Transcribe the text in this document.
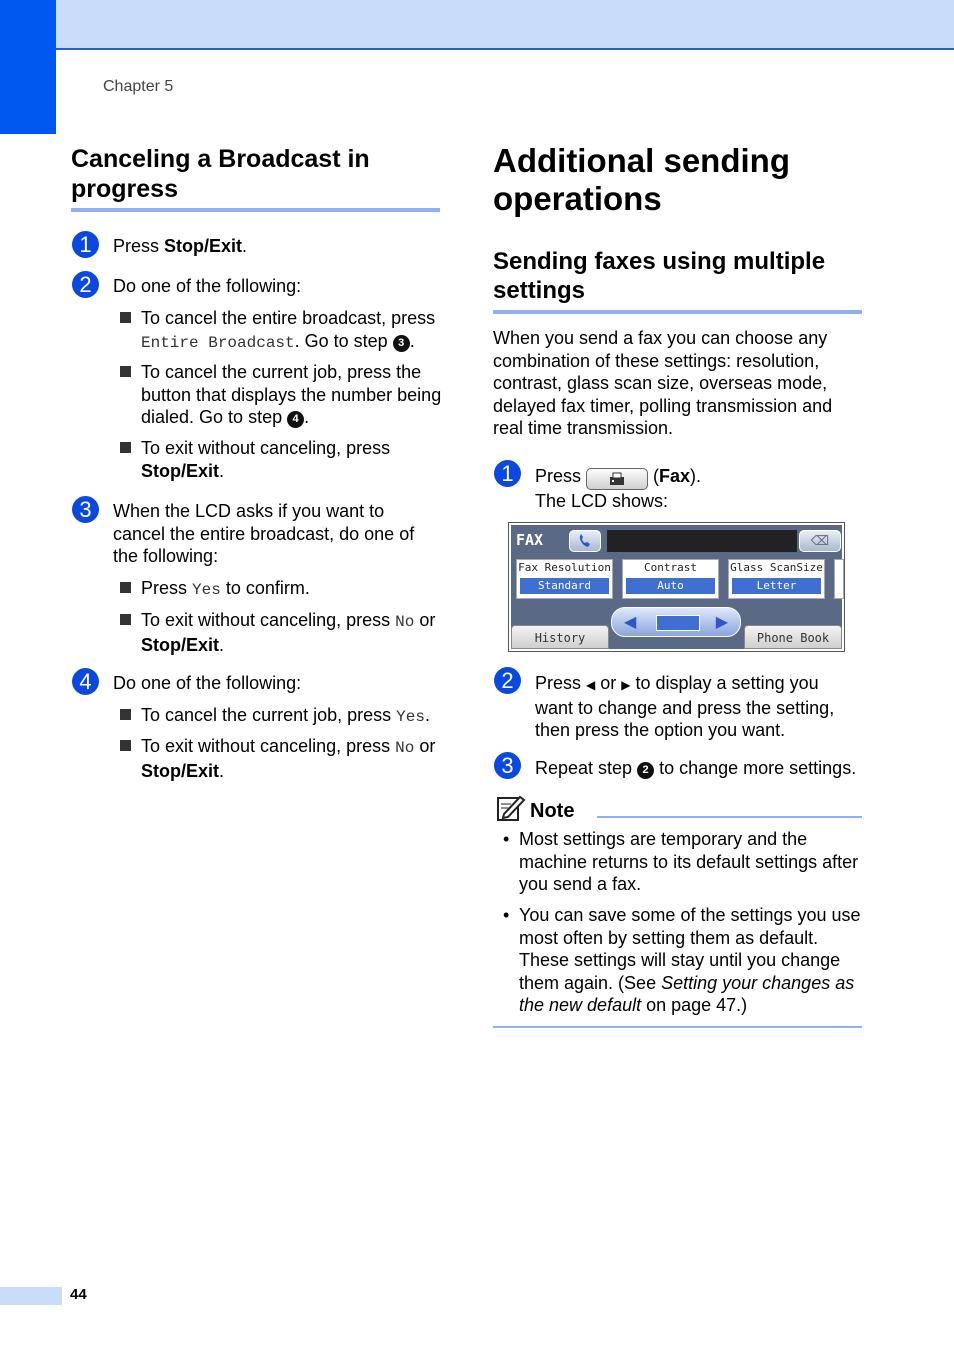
Chapter 5
Canceling a Broadcast in progress
1	Press Stop/Exit.
2	Do one of the following:
To cancel the entire broadcast, press Entire Broadcast. Go to step 3 .
To cancel the current job, press the button that displays the number being dialed. Go to step 4 .
To exit without canceling, press Stop/Exit.
3	When the LCD asks if you want to cancel the entire broadcast, do one of the following:
Press Yes to confirm.
To exit without canceling, press No or Stop/Exit.
4	Do one of the following:
To cancel the current job, press Yes.
To exit without canceling, press No or Stop/Exit.
Additional sending operations
Sending faxes using multiple settings
When you send a fax you can choose any combination of these settings: resolution, contrast, glass scan size, overseas mode, delayed fax timer, polling transmission and real time transmission.
1	Press	(Fax).
The LCD shows:
FAX	⌫
Fax Resolution
Standard
Contrast
Auto
Glass ScanSize
Letter
◀	▶
History	Phone Book
2	Press ◀ or ▶ to display a setting you want to change and press the setting, then press the option you want.
3	Repeat step 2 to change more settings.
Note
• Most settings are temporary and the machine returns to its default settings after you send a fax.
• You can save some of the settings you use most often by setting them as default. These settings will stay until you change them again. (See Setting your changes as the new default on page 47.)
44
